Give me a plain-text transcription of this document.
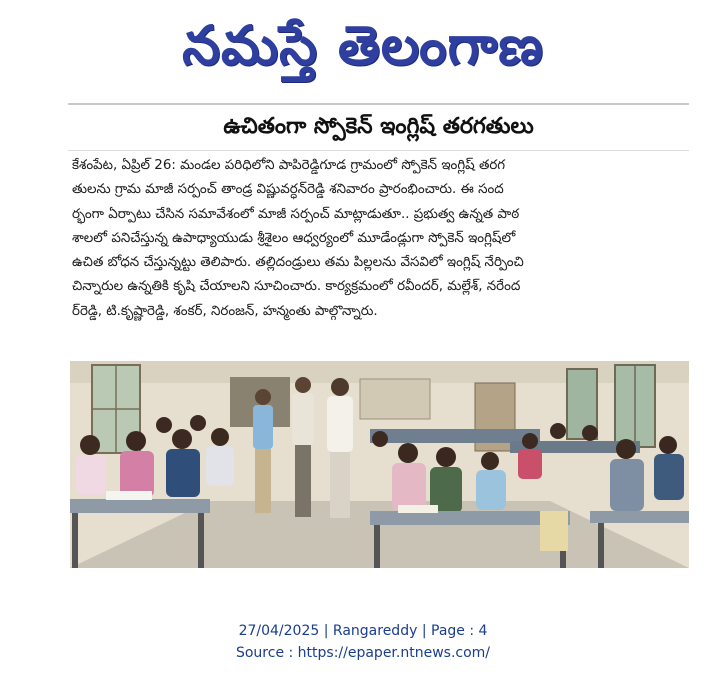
నమస్తే తెలంగాణ
ఉచితంగా స్పోకెన్ ఇంగ్లిష్ తరగతులు
కేశంపేట, ఏప్రిల్ 26: మండల పరిధిలోని పాపిరెడ్డిగూడ గ్రామంలో స్పోకెన్ ఇంగ్లిష్ తరగ
తులను గ్రామ మాజీ సర్పంచ్ తాండ్ర విష్ణువర్ధన్‌రెడ్డి శనివారం ప్రారంభించారు. ఈ సంద
ర్భంగా ఏర్పాటు చేసిన సమావేశంలో మాజీ సర్పంచ్ మాట్లాడుతూ.. ప్రభుత్వ ఉన్నత పాఠ
శాలలో పనిచేస్తున్న ఉపాధ్యాయుడు శ్రీశైలం ఆధ్వర్యంలో మూడేండ్లుగా స్పోకెన్ ఇంగ్లిష్‌లో
ఉచిత బోధన చేస్తున్నట్టు తెలిపారు. తల్లిదండ్రులు తమ పిల్లలను వేసవిలో ఇంగ్లిష్ నేర్పించి
చిన్నారుల ఉన్నతికి కృషి చేయాలని సూచించారు. కార్యక్రమంలో రవీందర్, మల్లేశ్, నరేంద
ర్‌రెడ్డి, టి.కృష్ణారెడ్డి, శంకర్, నిరంజన్, హన్మంతు పాల్గొన్నారు.
27/04/2025 | Rangareddy | Page : 4
Source : https://epaper.ntnews.com/
